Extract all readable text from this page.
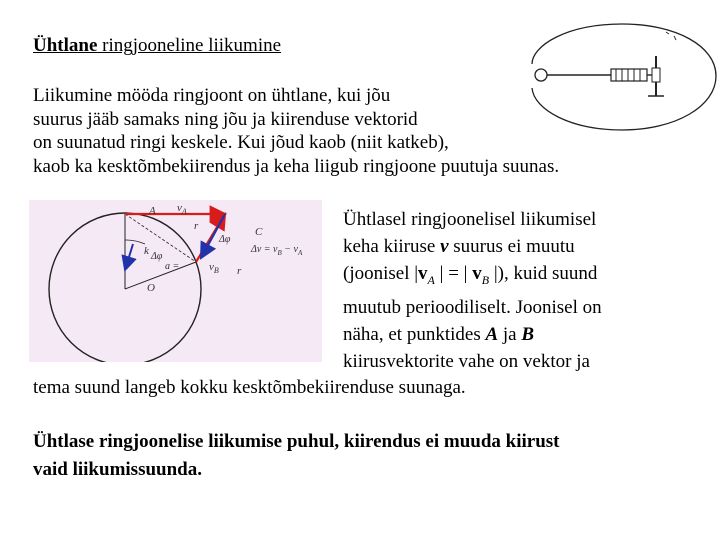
Ühtlane ringjooneline liikumine
Liikumine mööda ringjoont on ühtlane, kui jõu
suurus jääb samaks ning jõu ja kiirenduse vektorid
on suunatud ringi keskele. Kui jõud kaob (niit katkeb),
kaob ka kesktõmbekiirendus ja keha liigub ringjoone puutuja suunas.
A $v_A$
r	C
k Δφ
Δφ
a =	$v_B$ r
O
$\Delta v = v_B - v_A$
Ühtlasel ringjoonelisel liikumisel
keha kiiruse v suurus ei muutu
(joonisel $|v_A$ | = | $v_B$ |), kuid suund
muutub perioodiliselt. Joonisel on
näha, et punktides A ja B
kiirusvektorite vahe on vektor ja
tema suund langeb kokku kesktõmbekiirenduse suunaga.
Ühtlase ringjoonelise liikumise puhul, kiirendus ei muuda kiirust
vaid liikumissuunda.
